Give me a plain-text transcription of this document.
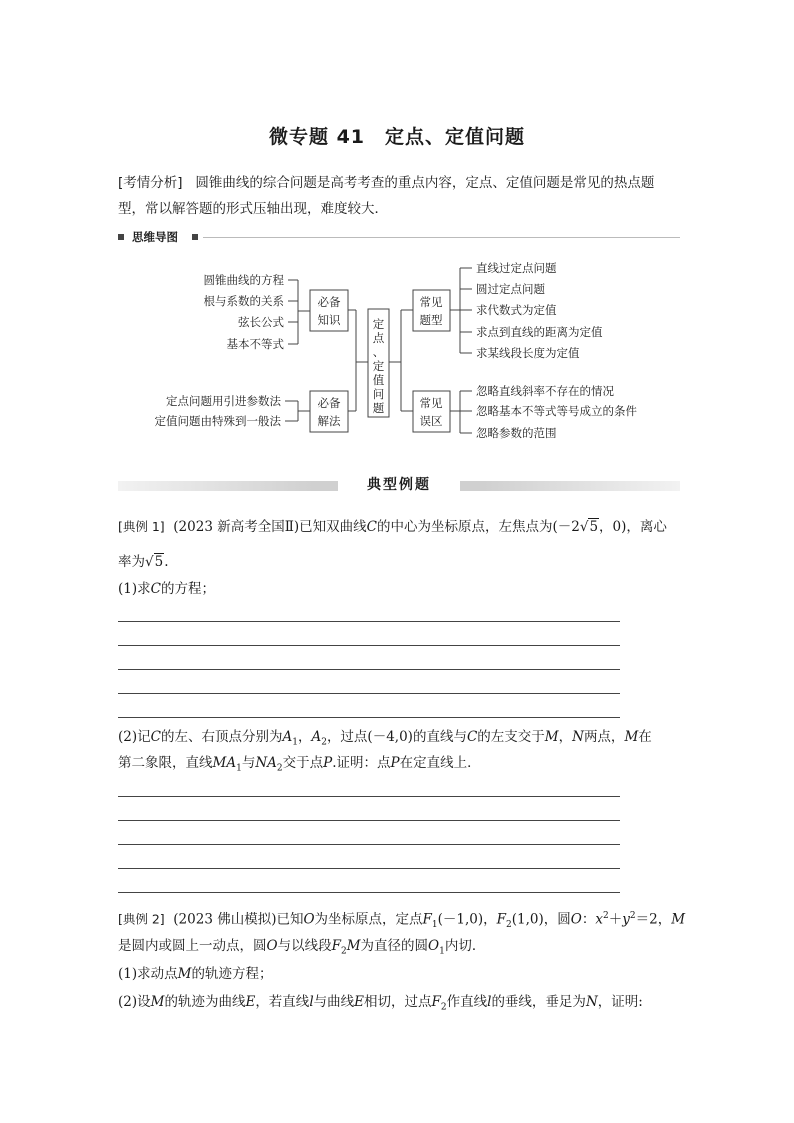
微专题 41　定点、定值问题
[考情分析] 圆锥曲线的综合问题是高考考查的重点内容，定点、定值问题是常见的热点题型，常以解答题的形式压轴出现，难度较大．
思维导图
圆锥曲线的方程
根与系数的关系
弦长公式
基本不等式
定点问题用引进参数法
定值问题由特殊到一般法
必备
知识
必备
解法
常见
题型
常见
误区
定
点
、
定
值
问
题
直线过定点问题
圆过定点问题
求代数式为定值
求点到直线的距离为定值
求某线段长度为定值
忽略直线斜率不存在的情况
忽略基本不等式等号成立的条件
忽略参数的范围
典型例题
[典例 1] (2023 新高考全国Ⅱ)已知双曲线C的中心为坐标原点，左焦点为(－2√5，0)，离心
率为√5.
(1)求C的方程；
(2)记C的左、右顶点分别为$A_1$，$A_2$，过点(－4,0)的直线与C的左支交于M，N两点，M在
第二象限，直线$MA_1$与$NA_2$交于点P.证明：点P在定直线上．
[典例 2] (2023 佛山模拟)已知O为坐标原点，定点$F_1(-1,0)$，$F_2(1,0)$，圆O：$x^2+y^2=2$，M
是圆内或圆上一动点，圆O与以线段$F_2M$为直径的圆$O_1$内切．
(1)求动点M的轨迹方程；
(2)设M的轨迹为曲线E，若直线l与曲线E相切，过点$F_2$作直线l的垂线，垂足为N，证明:
